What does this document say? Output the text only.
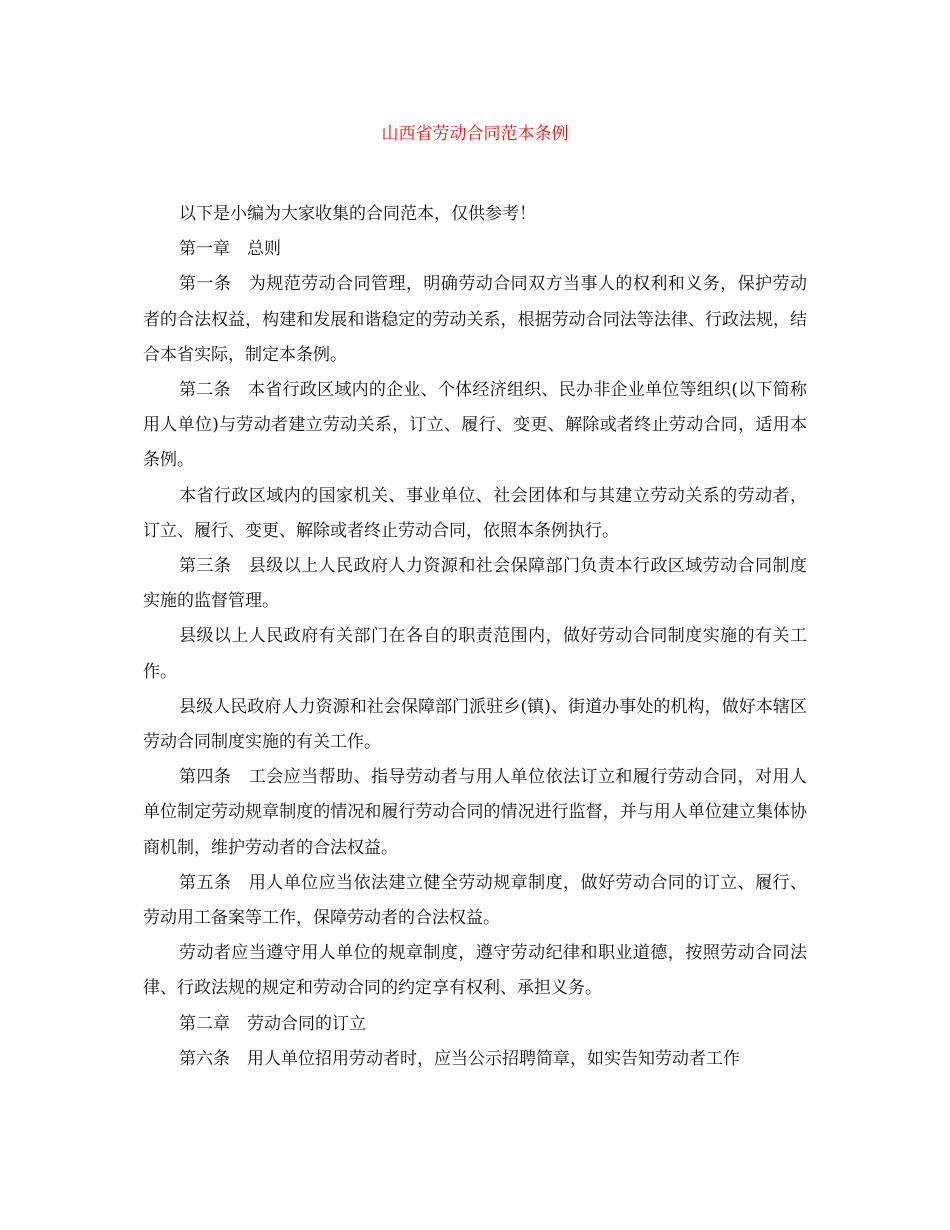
山西省劳动合同范本条例

以下是小编为大家收集的合同范本，仅供参考！

第一章　总则

第一条　为规范劳动合同管理，明确劳动合同双方当事人的权利和义务，保护劳动者的合法权益，构建和发展和谐稳定的劳动关系，根据劳动合同法等法律、行政法规，结合本省实际，制定本条例。

第二条　本省行政区域内的企业、个体经济组织、民办非企业单位等组织(以下简称用人单位)与劳动者建立劳动关系，订立、履行、变更、解除或者终止劳动合同，适用本条例。

本省行政区域内的国家机关、事业单位、社会团体和与其建立劳动关系的劳动者，订立、履行、变更、解除或者终止劳动合同，依照本条例执行。

第三条　县级以上人民政府人力资源和社会保障部门负责本行政区域劳动合同制度实施的监督管理。

县级以上人民政府有关部门在各自的职责范围内，做好劳动合同制度实施的有关工作。

县级人民政府人力资源和社会保障部门派驻乡(镇)、街道办事处的机构，做好本辖区劳动合同制度实施的有关工作。

第四条　工会应当帮助、指导劳动者与用人单位依法订立和履行劳动合同，对用人单位制定劳动规章制度的情况和履行劳动合同的情况进行监督，并与用人单位建立集体协商机制，维护劳动者的合法权益。

第五条　用人单位应当依法建立健全劳动规章制度，做好劳动合同的订立、履行、劳动用工备案等工作，保障劳动者的合法权益。

劳动者应当遵守用人单位的规章制度，遵守劳动纪律和职业道德，按照劳动合同法律、行政法规的规定和劳动合同的约定享有权利、承担义务。

第二章　劳动合同的订立

第六条　用人单位招用劳动者时，应当公示招聘简章，如实告知劳动者工作
